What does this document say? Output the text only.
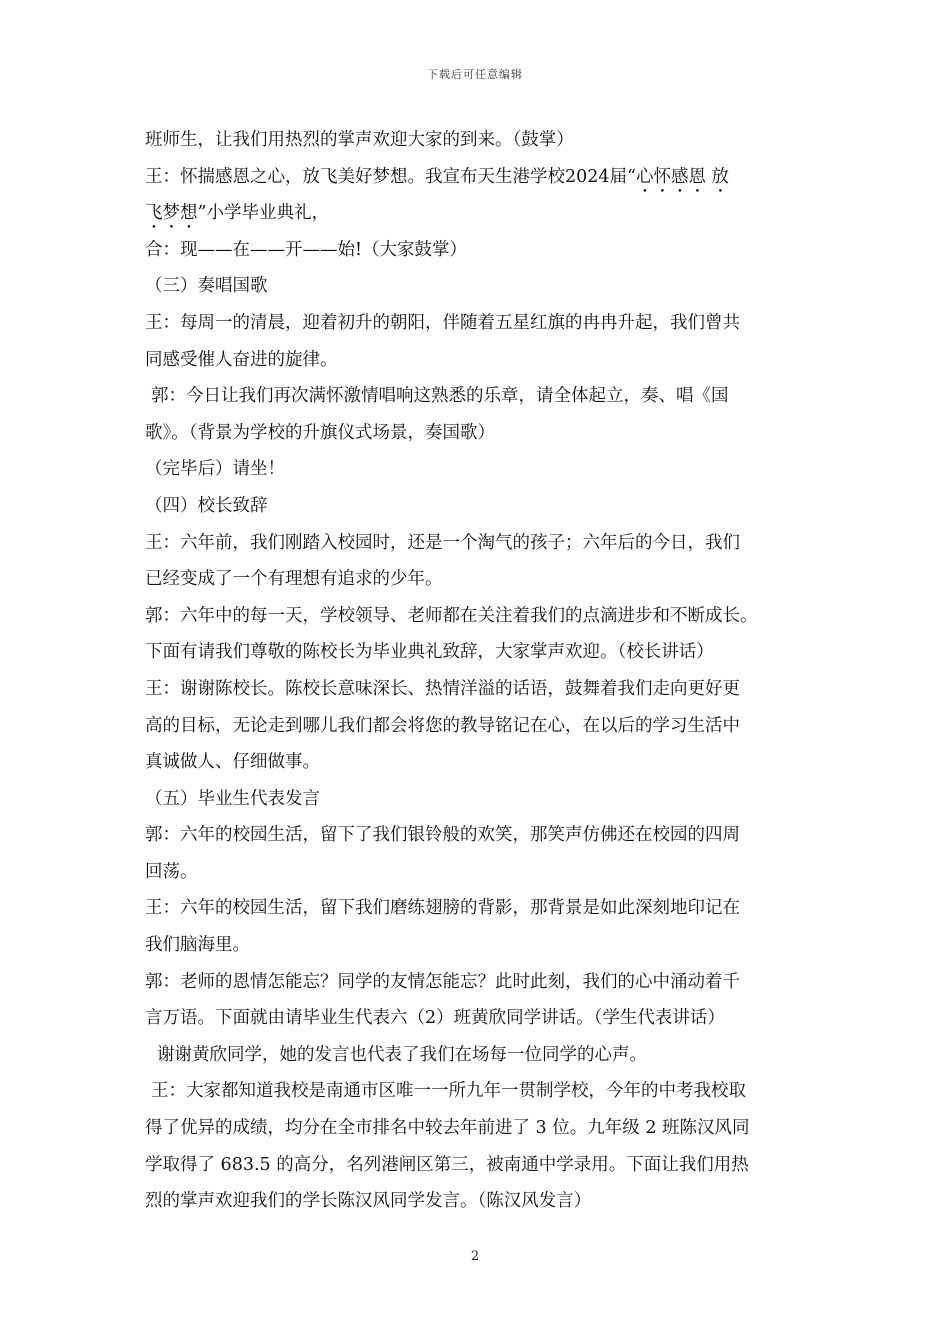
下载后可任意编辑
班师生，让我们用热烈的掌声欢迎大家的到来。（鼓掌）
王：怀揣感恩之心，放飞美好梦想。我宣布天生港学校2024届“心怀感恩 放
飞梦想”小学毕业典礼，
合：现——在——开——始!（大家鼓掌）
（三）奏唱国歌
王：每周一的清晨，迎着初升的朝阳，伴随着五星红旗的冉冉升起，我们曾共
同感受催人奋进的旋律。
郭：今日让我们再次满怀激情唱响这熟悉的乐章，请全体起立，奏、唱《国
歌》。（背景为学校的升旗仪式场景，奏国歌）
（完毕后）请坐！
（四）校长致辞
王：六年前，我们刚踏入校园时，还是一个淘气的孩子；六年后的今日，我们
已经变成了一个有理想有追求的少年。
郭：六年中的每一天，学校领导、老师都在关注着我们的点滴进步和不断成长。
下面有请我们尊敬的陈校长为毕业典礼致辞，大家掌声欢迎。（校长讲话）
王：谢谢陈校长。陈校长意味深长、热情洋溢的话语，鼓舞着我们走向更好更
高的目标，无论走到哪儿我们都会将您的教导铭记在心，在以后的学习生活中
真诚做人、仔细做事。
（五）毕业生代表发言
郭：六年的校园生活，留下了我们银铃般的欢笑，那笑声仿佛还在校园的四周
回荡。
王：六年的校园生活，留下我们磨练翅膀的背影，那背景是如此深刻地印记在
我们脑海里。
郭：老师的恩情怎能忘？同学的友情怎能忘？此时此刻，我们的心中涌动着千
言万语。下面就由请毕业生代表六（2）班黄欣同学讲话。（学生代表讲话）
谢谢黄欣同学，她的发言也代表了我们在场每一位同学的心声。
王：大家都知道我校是南通市区唯一一所九年一贯制学校，今年的中考我校取
得了优异的成绩，均分在全市排名中较去年前进了 3 位。九年级 2 班陈汉风同
学取得了 683.5 的高分，名列港闸区第三，被南通中学录用。下面让我们用热
烈的掌声欢迎我们的学长陈汉风同学发言。（陈汉风发言）
2
